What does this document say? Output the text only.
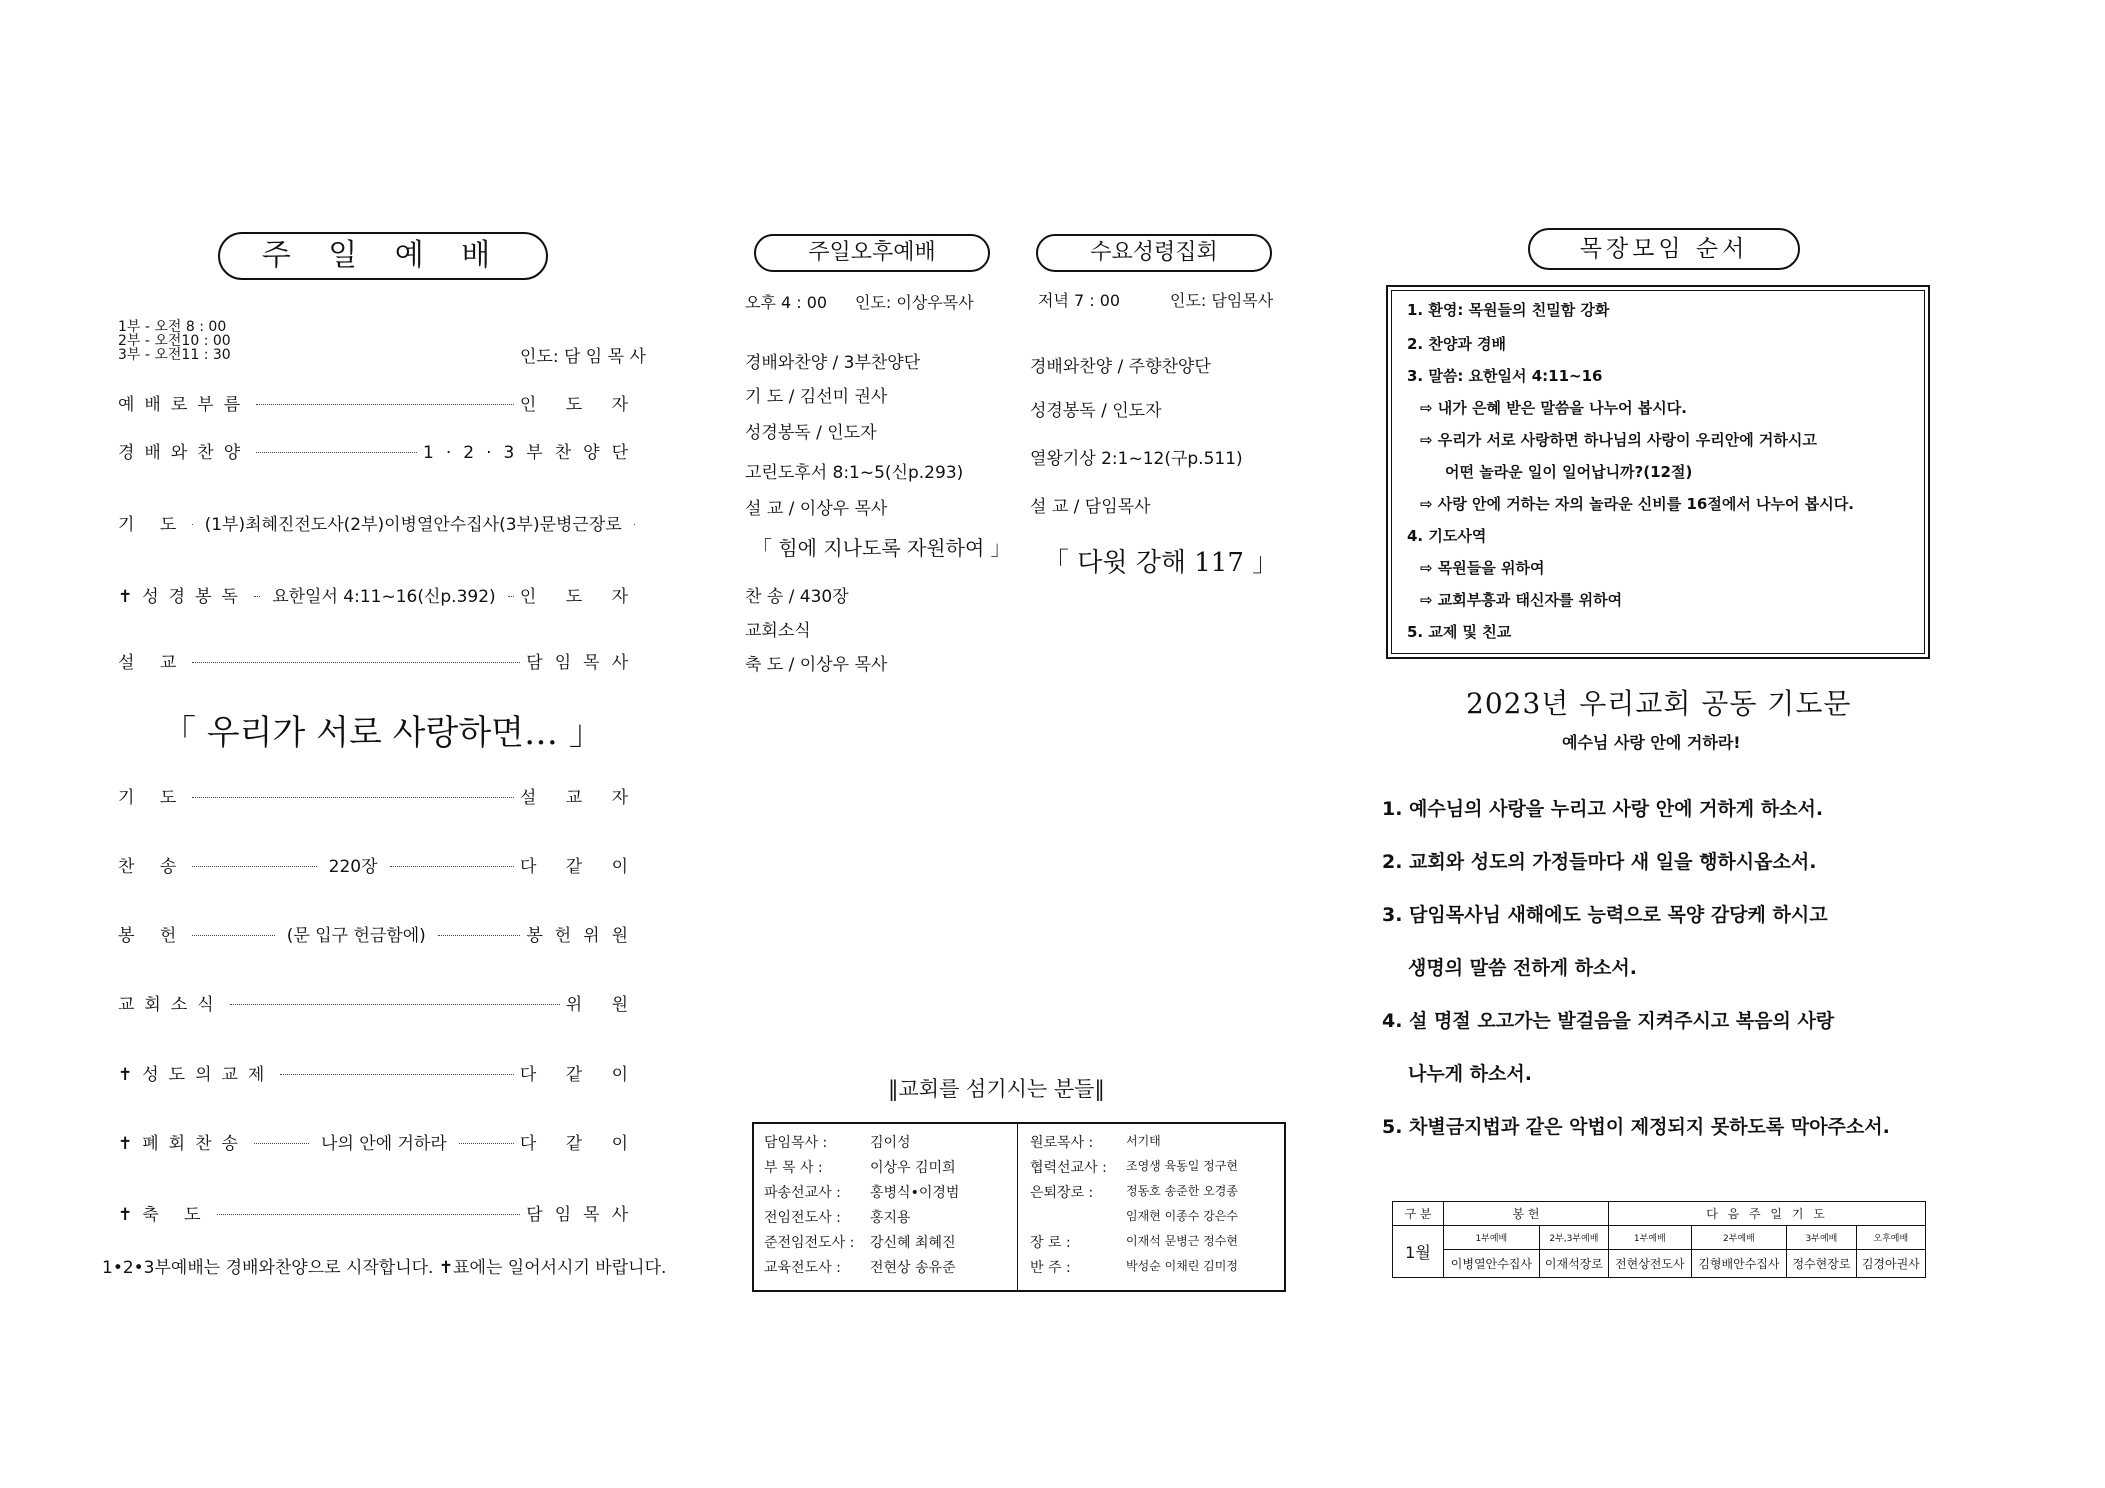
주 일 예 배
1부 - 오전 8 : 00
2부 - 오전10 : 00
3부 - 오전11 : 30	인도: 담 임 목 사
예배로부름	인 도 자
경배와찬양	1·2·3부찬양단
기 도	(1부)최혜진전도사(2부)이병열안수집사(3부)문병근장로
✝성경봉독	요한일서 4:11~16(신p.392)	인 도 자
설 교	담임목사
「 우리가 서로 사랑하면… 」
기 도	설 교 자
찬 송	220장	다 같 이
봉 헌	(문 입구 헌금함에)	봉헌위원
교회소식	위 원
✝성도의교제	다 같 이
✝폐회찬송	나의 안에 거하라	다 같 이
✝축 도	담임목사
1•2•3부예배는 경배와찬양으로 시작합니다. ✝표에는 일어서시기 바랍니다.
주일오후예배	수요성령집회
오후 4 : 00 인도: 이상우목사	저녁 7 : 00	인도: 담임목사
경배와찬양 / 3부찬양단
기 도 / 김선미 권사
성경봉독 / 인도자
고린도후서 8:1~5(신p.293)
설 교 / 이상우 목사
「 힘에 지나도록 자원하여 」
찬 송 / 430장
교회소식
축 도 / 이상우 목사
경배와찬양 / 주향찬양단
성경봉독 / 인도자
열왕기상 2:1~12(구p.511)
설 교 / 담임목사
「 다윗 강해 117 」
‖교회를 섬기시는 분들‖
담임목사 :	김이성
부 목 사 :	이상우 김미희
파송선교사 :	홍병식•이경범
전임전도사 :	홍지용
준전임전도사 :	강신혜 최혜진
교육전도사 :	전현상 송유준
원로목사 :	서기태
협력선교사 :	조영생 육동일 정구현
은퇴장로 :	정동호 송준한 오경종
임재현 이종수 강은수
장 로 :	이재석 문병근 정수현
반 주 :	박성순 이채린 김미정
목장모임 순서
1. 환영: 목원들의 친밀함 강화
2. 찬양과 경배
3. 말씀: 요한일서 4:11~16
⇨ 내가 은혜 받은 말씀을 나누어 봅시다.
⇨ 우리가 서로 사랑하면 하나님의 사랑이 우리안에 거하시고
어떤 놀라운 일이 일어납니까?(12절)
⇨ 사랑 안에 거하는 자의 놀라운 신비를 16절에서 나누어 봅시다.
4. 기도사역
⇨ 목원들을 위하여
⇨ 교회부흥과 태신자를 위하여
5. 교제 및 친교
2023년 우리교회 공동 기도문
예수님 사랑 안에 거하라!
1. 예수님의 사랑을 누리고 사랑 안에 거하게 하소서.
2. 교회와 성도의 가정들마다 새 일을 행하시옵소서.
3. 담임목사님 새해에도 능력으로 목양 감당케 하시고
생명의 말씀 전하게 하소서.
4. 설 명절 오고가는 발걸음을 지켜주시고 복음의 사랑
나누게 하소서.
5. 차별금지법과 같은 악법이 제정되지 못하도록 막아주소서.
구 분	봉 헌		다 음 주 일 기 도			
1월	1부예배	2부,3부예배	1부예배	2부예배	3부예배	오후예배
	이병열안수집사	이재석장로	전현상전도사	김형배안수집사	정수현장로	김경아권사
